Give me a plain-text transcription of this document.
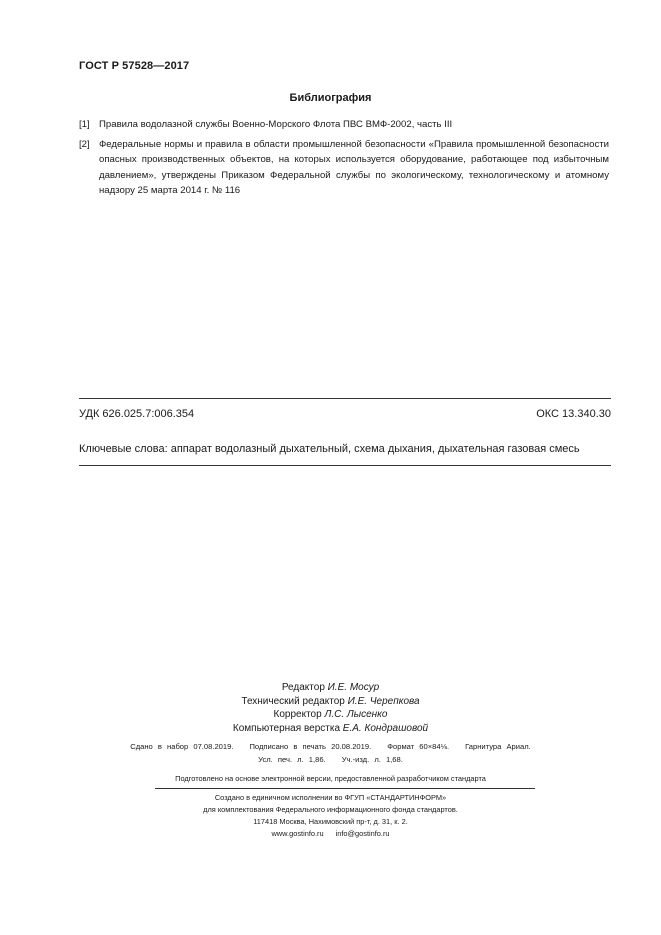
ГОСТ Р 57528—2017
Библиография
[1] Правила водолазной службы Военно-Морского Флота ПВС ВМФ-2002, часть III
[2] Федеральные нормы и правила в области промышленной безопасности «Правила промышленной безопасности опасных производственных объектов, на которых используется оборудование, работающее под избыточным давлением», утверждены Приказом Федеральной службы по экологическому, технологическому и атомному надзору 25 марта 2014 г. № 116
УДК 626.025.7:006.354	ОКС 13.340.30
Ключевые слова: аппарат водолазный дыхательный, схема дыхания, дыхательная газовая смесь
Редактор И.Е. Мосур
Технический редактор И.Е. Черепкова
Корректор Л.С. Лысенко
Компьютерная верстка Е.А. Кондрашовой
Сдано в набор 07.08.2019. Подписано в печать 20.08.2019. Формат 60×84⅛. Гарнитура Ариал.
Усл. печ. л. 1,86. Уч.-изд. л. 1,68.
Подготовлено на основе электронной версии, предоставленной разработчиком стандарта
Создано в единичном исполнении во ФГУП «СТАНДАРТИНФОРМ»
для комплектования Федерального информационного фонда стандартов.
117418 Москва, Нахимовский пр-т, д. 31, к. 2.
www.gostinfo.ru info@gostinfo.ru
